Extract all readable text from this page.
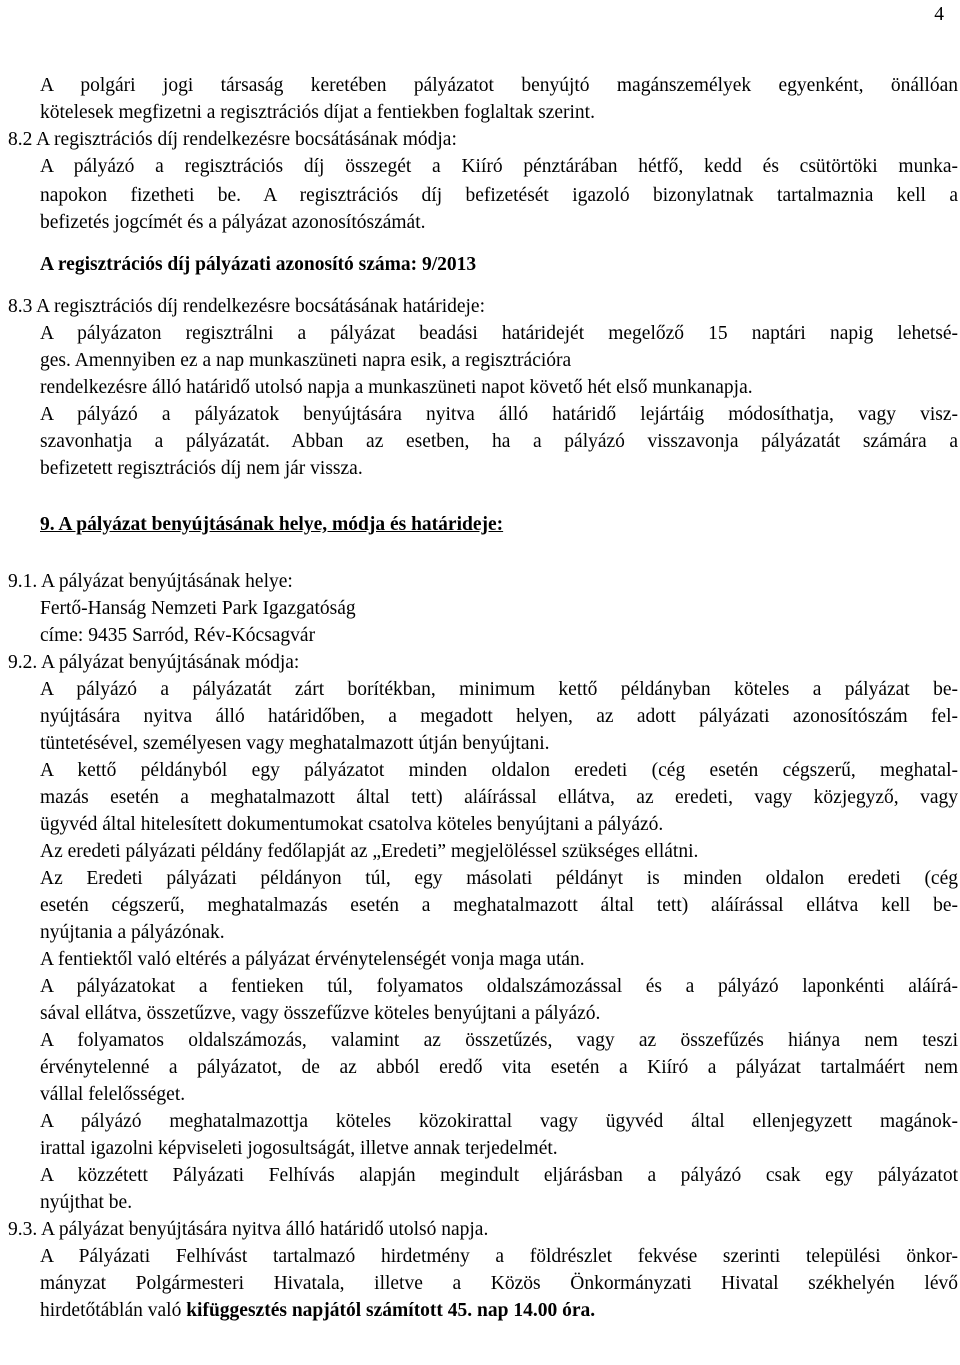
4
A polgári jogi társaság keretében pályázatot benyújtó magánszemélyek egyenként, önállóan
kötelesek megfizetni a regisztrációs díjat a fentiekben foglaltak szerint.
8.2 A regisztrációs díj rendelkezésre bocsátásának módja:
A pályázó a regisztrációs díj összegét a Kiíró pénztárában hétfő, kedd és csütörtöki munka-
napokon fizetheti be. A regisztrációs díj befizetését igazoló bizonylatnak tartalmaznia kell a
befizetés jogcímét és a pályázat azonosítószámát.
A regisztrációs díj pályázati azonosító száma: 9/2013
8.3 A regisztrációs díj rendelkezésre bocsátásának határideje:
A pályázaton regisztrálni a pályázat beadási határidejét megelőző 15 naptári napig lehetsé-
ges. Amennyiben ez a nap munkaszüneti napra esik, a regisztrációra
rendelkezésre álló határidő utolsó napja a munkaszüneti napot követő hét első munkanapja.
A pályázó a pályázatok benyújtására nyitva álló határidő lejártáig módosíthatja, vagy visz-
szavonhatja a pályázatát. Abban az esetben, ha a pályázó visszavonja pályázatát számára a
befizetett regisztrációs díj nem jár vissza.
9. A pályázat benyújtásának helye, módja és határideje:
9.1. A pályázat benyújtásának helye:
Fertő-Hanság Nemzeti Park Igazgatóság
címe: 9435 Sarród, Rév-Kócsagvár
9.2. A pályázat benyújtásának módja:
A pályázó a pályázatát zárt borítékban, minimum kettő példányban köteles a pályázat be-
nyújtására nyitva álló határidőben, a megadott helyen, az adott pályázati azonosítószám fel-
tüntetésével, személyesen vagy meghatalmazott útján benyújtani.
A kettő példányból egy pályázatot minden oldalon eredeti (cég esetén cégszerű, meghatal-
mazás esetén a meghatalmazott által tett) aláírással ellátva, az eredeti, vagy közjegyző, vagy
ügyvéd által hitelesített dokumentumokat csatolva köteles benyújtani a pályázó.
Az eredeti pályázati példány fedőlapját az „Eredeti” megjelöléssel szükséges ellátni.
Az Eredeti pályázati példányon túl, egy másolati példányt is minden oldalon eredeti (cég
esetén cégszerű, meghatalmazás esetén a meghatalmazott által tett) aláírással ellátva kell be-
nyújtania a pályázónak.
A fentiektől való eltérés a pályázat érvénytelenségét vonja maga után.
A pályázatokat a fentieken túl, folyamatos oldalszámozással és a pályázó laponkénti aláírá-
sával ellátva, összetűzve, vagy összefűzve köteles benyújtani a pályázó.
A folyamatos oldalszámozás, valamint az összetűzés, vagy az összefűzés hiánya nem teszi
érvénytelenné a pályázatot, de az abból eredő vita esetén a Kiíró a pályázat tartalmáért nem
vállal felelősséget.
A pályázó meghatalmazottja köteles közokirattal vagy ügyvéd által ellenjegyzett magánok-
irattal igazolni képviseleti jogosultságát, illetve annak terjedelmét.
A közzétett Pályázati Felhívás alapján megindult eljárásban a pályázó csak egy pályázatot
nyújthat be.
9.3. A pályázat benyújtására nyitva álló határidő utolsó napja.
A Pályázati Felhívást tartalmazó hirdetmény a földrészlet fekvése szerinti települési önkor-
mányzat Polgármesteri Hivatala, illetve a Közös Önkormányzati Hivatal székhelyén lévő
hirdetőtáblán való kifüggesztés napjától számított 45. nap 14.00 óra.
